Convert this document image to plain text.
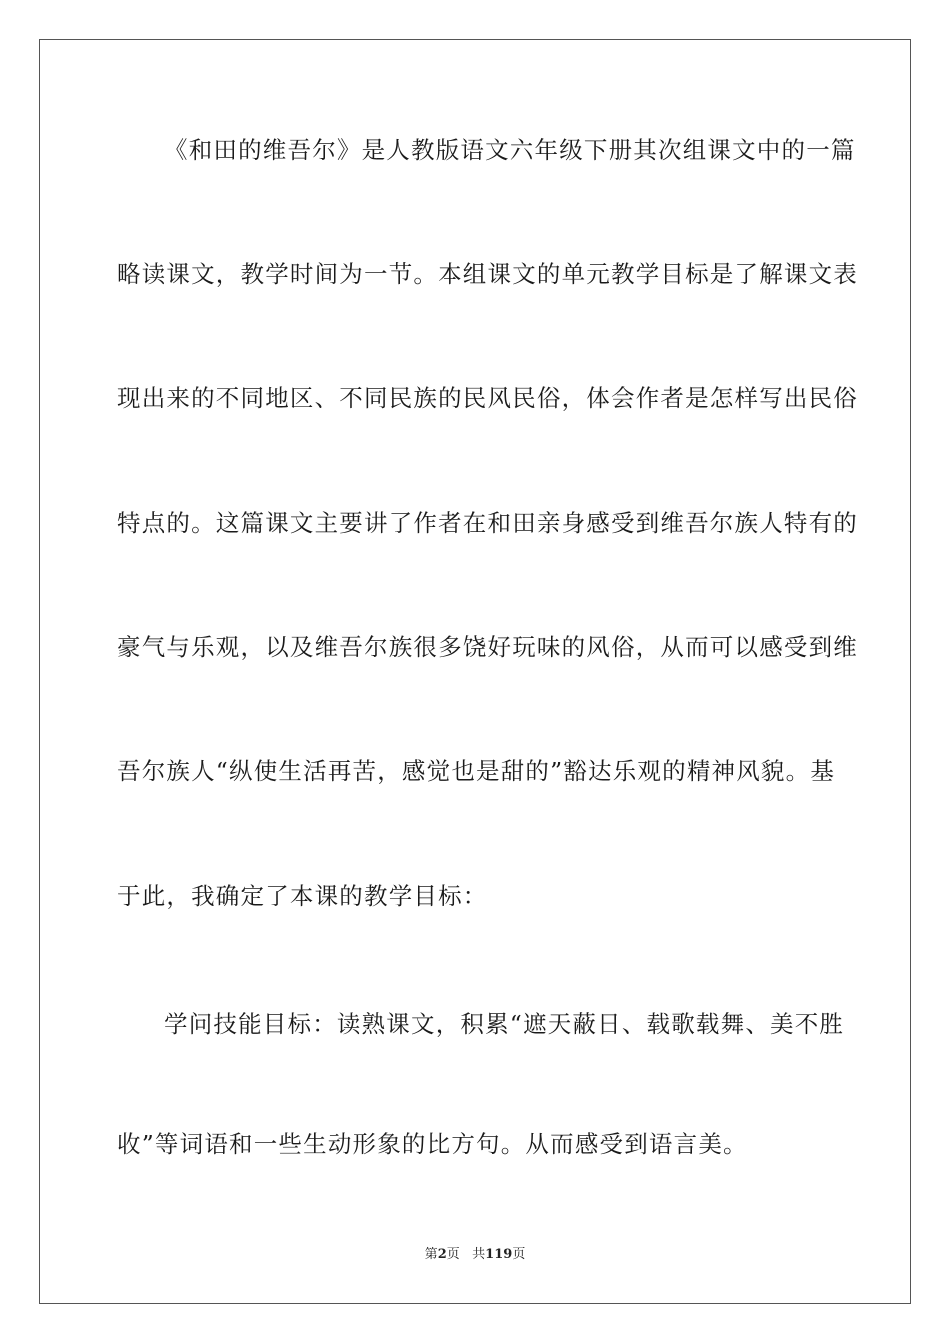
《和田的维吾尔》是人教版语文六年级下册其次组课文中的一篇
略读课文，教学时间为一节。本组课文的单元教学目标是了解课文表
现出来的不同地区、不同民族的民风民俗，体会作者是怎样写出民俗
特点的。这篇课文主要讲了作者在和田亲身感受到维吾尔族人特有的
豪气与乐观，以及维吾尔族很多饶好玩味的风俗，从而可以感受到维
吾尔族人“纵使生活再苦，感觉也是甜的”豁达乐观的精神风貌。基
于此，我确定了本课的教学目标：
学问技能目标：读熟课文，积累“遮天蔽日、载歌载舞、美不胜
收”等词语和一些生动形象的比方句。从而感受到语言美。
第2页 共119页
